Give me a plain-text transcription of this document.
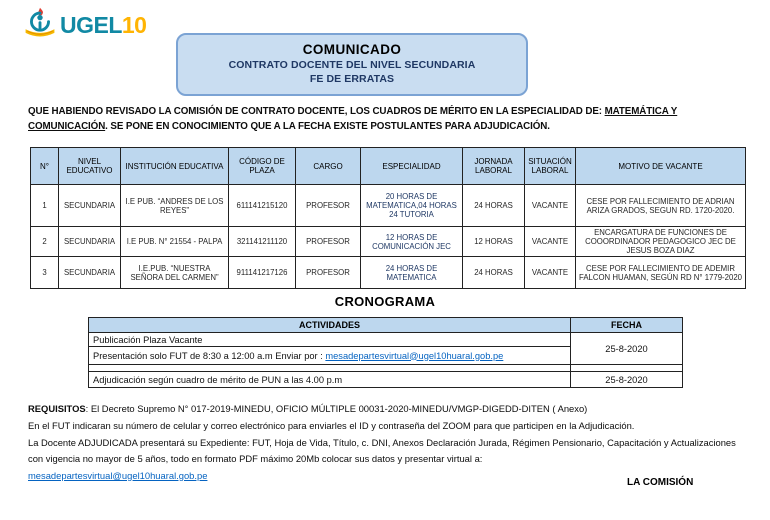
UGEL10
COMUNICADO
CONTRATO DOCENTE DEL NIVEL SECUNDARIA
FE DE ERRATAS
QUE HABIENDO REVISADO LA COMISIÓN DE CONTRATO DOCENTE, LOS CUADROS DE MÉRITO EN LA ESPECIALIDAD DE: MATEMÁTICA Y COMUNICACIÓN. SE PONE EN CONOCIMIENTO QUE A LA FECHA EXISTE POSTULANTES PARA ADJUDICACIÓN.
N°	NIVEL EDUCATIVO	INSTITUCIÓN EDUCATIVA	CÓDIGO DE PLAZA	CARGO	ESPECIALIDAD	JORNADA LABORAL	SITUACIÓN LABORAL	MOTIVO DE VACANTE
1	SECUNDARIA	I.E PUB. “ANDRES DE LOS REYES”	611141215120	PROFESOR	20 HORAS DE MATEMATICA,04 HORAS 24 TUTORIA	24 HORAS	VACANTE	CESE POR FALLECIMIENTO DE ADRIAN ARIZA GRADOS, SEGUN RD. 1720-2020.
2	SECUNDARIA	I.E PUB. N° 21554 - PALPA	321141211120	PROFESOR	12 HORAS DE COMUNICACIÓN JEC	12 HORAS	VACANTE	ENCARGATURA DE FUNCIONES DE COOORDINADOR PEDAGOGICO JEC DE JESUS BOZA DIAZ
3	SECUNDARIA	I.E.PUB. “NUESTRA SEÑORA DEL CARMEN”	911141217126	PROFESOR	24 HORAS DE MATEMATICA	24 HORAS	VACANTE	CESE POR FALLECIMIENTO DE ADEMIR FALCON HUAMAN, SEGÚN RD N° 1779-2020
CRONOGRAMA
ACTIVIDADES	FECHA
Publicación Plaza Vacante	25-8-2020
Presentación solo FUT de 8:30 a 12:00 a.m Enviar por : mesadepartesvirtual@ugel10huaral.gob.pe	

Adjudicación según cuadro de mérito de PUN a las 4.00 p.m	25-8-2020

REQUISITOS: El Decreto Supremo N° 017-2019-MINEDU, OFICIO MÚLTIPLE 00031-2020-MINEDU/VMGP-DIGEDD-DITEN ( Anexo)

En el FUT indicaran su número de celular y correo electrónico para enviarles el ID y contraseña del ZOOM para que participen en la Adjudicación.

La Docente ADJUDICADA presentará su Expediente: FUT, Hoja de Vida, Título, c. DNI, Anexos Declaración Jurada, Régimen Pensionario, Capacitación y Actualizaciones con vigencia no mayor de 5 años, todo en formato PDF máximo 20Mb colocar sus datos y presentar virtual a:

mesadepartesvirtual@ugel10huaral.gob.pe

LA COMISIÓN
